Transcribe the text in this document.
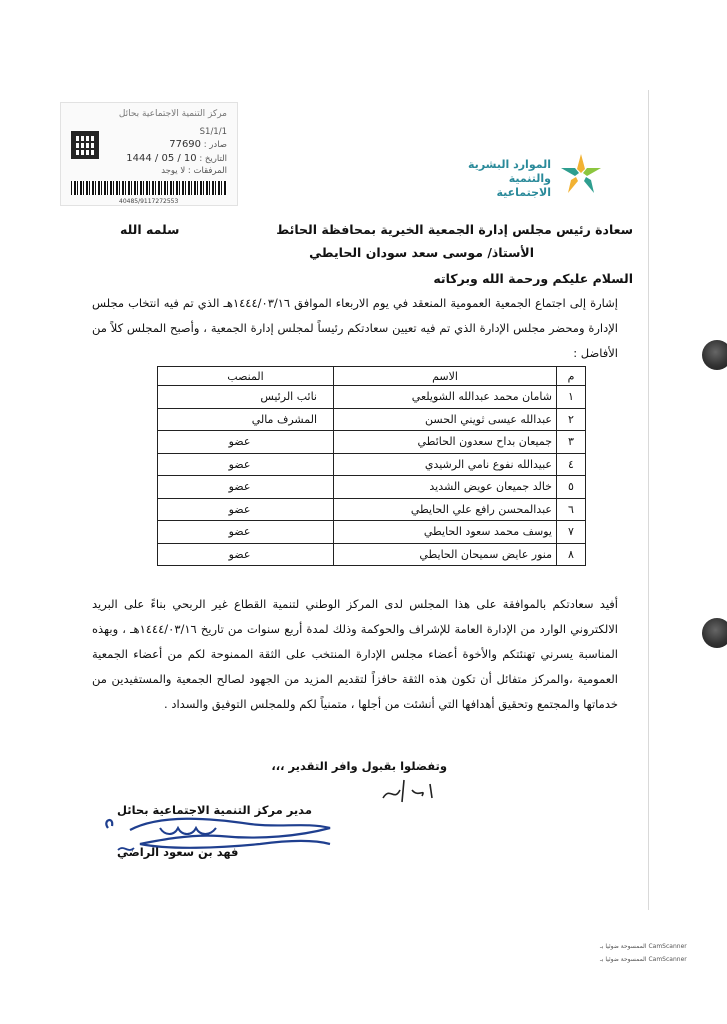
مركز التنمية الاجتماعية بحائل
S1/1/1
صادر : 77690
التاريخ : 10 / 05 / 1444
المرفقات : لا يوجد
40485/9117272553
الموارد البشرية
والتنمية الاجتماعية
سعادة رئيس مجلس إدارة الجمعية الخيرية بمحافظة الحائط
سلمه الله
الأستاذ/ موسى سعد سودان الحايطي
السلام عليكم ورحمة الله وبركاته
إشارة إلى اجتماع الجمعية العمومية المنعقد في يوم الاربعاء الموافق ١٤٤٤/٠٣/١٦هـ الذي تم فيه انتخاب مجلس الإدارة ومحضر مجلس الإدارة الذي تم فيه تعيين سعادتكم رئيساً لمجلس إدارة الجمعية ، وأصبح المجلس كلاً من الأفاضل :
م	الاسم	المنصب
١	شامان محمد عبدالله الشويلعي	نائب الرئيس
٢	عبدالله عيسى ثويني الحسن	المشرف مالي
٣	جميعان بداح سعدون الحائطي	عضو
٤	عبيدالله نفوع نامي الرشيدي	عضو
٥	خالد جميعان عويض الشديد	عضو
٦	عبدالمحسن رافع علي الحايطي	عضو
٧	يوسف محمد سعود الحايطي	عضو
٨	منور عايض سميحان الحايطي	عضو
أفيد سعادتكم بالموافقة على هذا المجلس لدى المركز الوطني لتنمية القطاع غير الربحي بناءً على البريد الالكتروني الوارد من الإدارة العامة للإشراف والحوكمة وذلك لمدة أربع سنوات من تاريخ ١٤٤٤/٠٣/١٦هـ ، وبهذه المناسبة يسرني تهنئتكم والأخوة أعضاء مجلس الإدارة المنتخب على الثقة الممنوحة لكم من أعضاء الجمعية العمومية ،والمركز متفائل أن تكون هذه الثقة حافزاً لتقديم المزيد من الجهود لصالح الجمعية والمستفيدين من خدماتها والمجتمع وتحقيق أهدافها التي أنشئت من أجلها ، متمنياً لكم وللمجلس التوفيق والسداد .
وتفضلوا بقبول وافر التقدير ،،،
مدير مركز التنمية الاجتماعية بحائل
فهد بن سعود الراضي
الممسوحة ضوئيا بـ CamScanner
الممسوحة ضوئيا بـ CamScanner
